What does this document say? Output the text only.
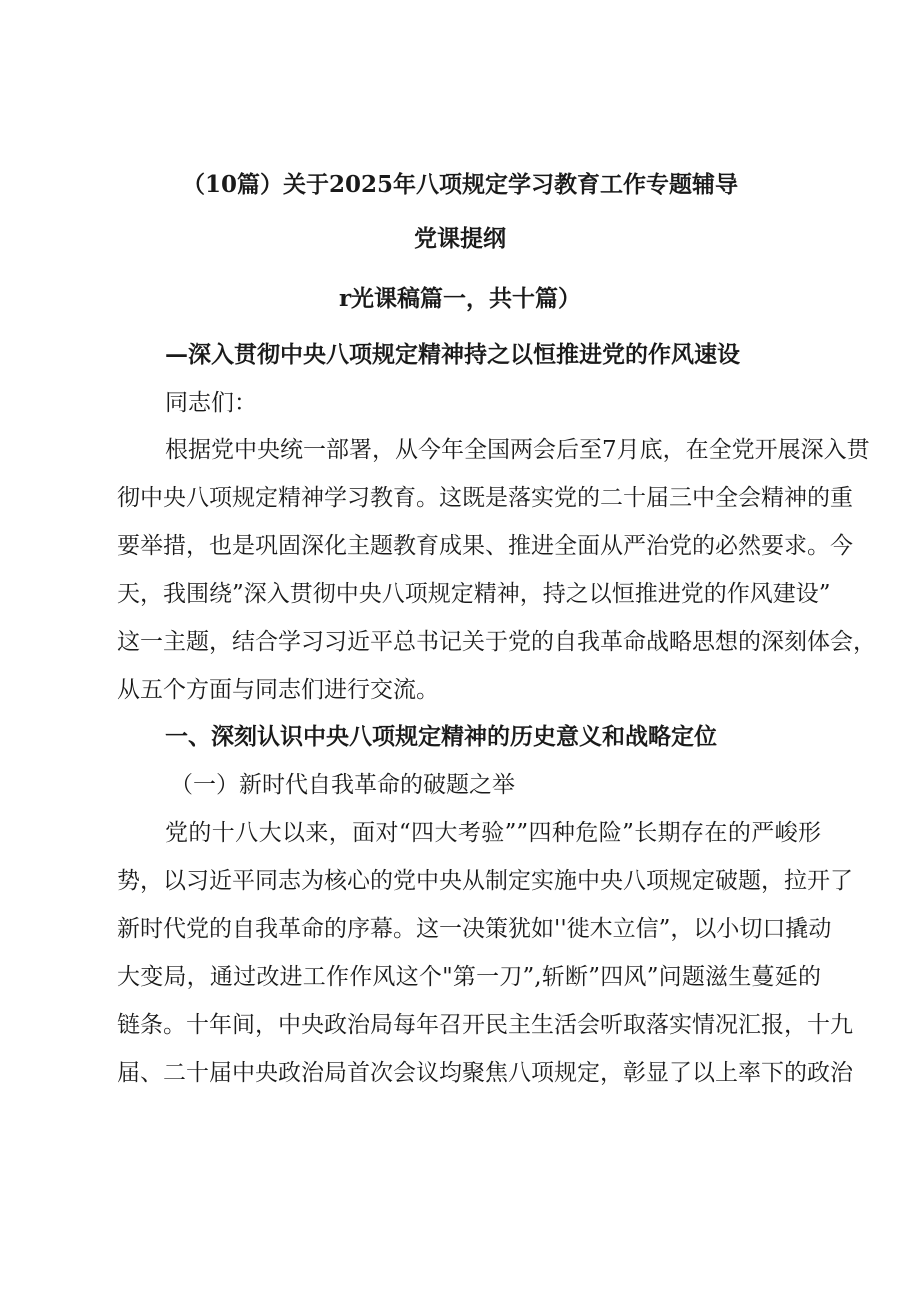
（10篇）关于2025年八项规定学习教育工作专题辅导
党课提纲
r光课稿篇一，共十篇）
—深入贯彻中央八项规定精神持之以恒推进党的作风速设
同志们：
根据党中央统一部署，从今年全国两会后至7月底，在全党开展深入贯
彻中央八项规定精神学习教育。这既是落实党的二十届三中全会精神的重
要举措，也是巩固深化主题教育成果、推进全面从严治党的必然要求。今
天，我围绕”深入贯彻中央八项规定精神，持之以恒推进党的作风建设”
这一主题，结合学习习近平总书记关于党的自我革命战略思想的深刻体会，
从五个方面与同志们进行交流。
一、深刻认识中央八项规定精神的历史意义和战略定位
（一）新时代自我革命的破题之举
党的十八大以来，面对“四大考验””四种危险”长期存在的严峻形
势，以习近平同志为核心的党中央从制定实施中央八项规定破题，拉开了
新时代党的自我革命的序幕。这一决策犹如''徙木立信”，以小切口撬动
大变局，通过改进工作作风这个"第一刀”,斩断”四风”问题滋生蔓延的
链条。十年间，中央政治局每年召开民主生活会听取落实情况汇报，十九
届、二十届中央政治局首次会议均聚焦八项规定，彰显了以上率下的政治
